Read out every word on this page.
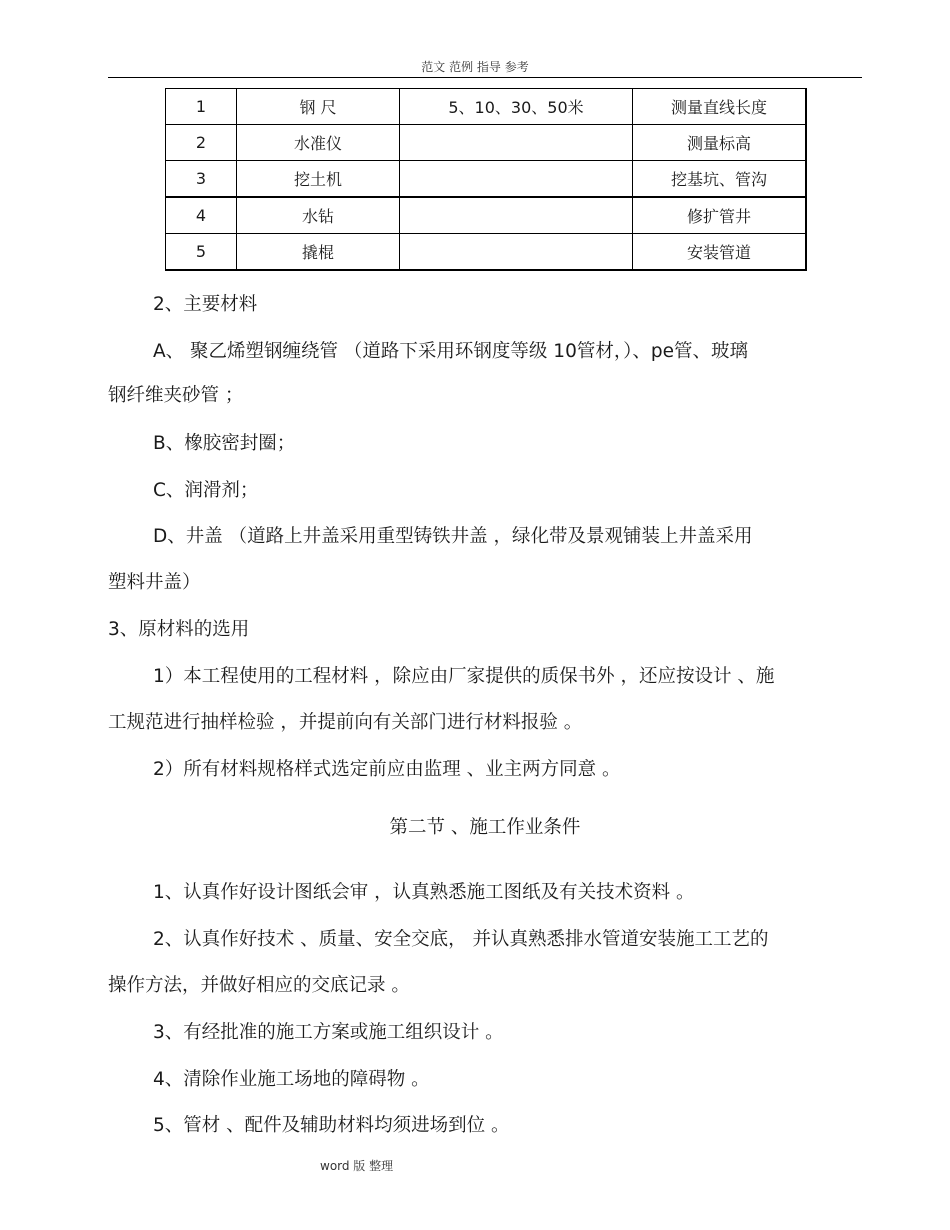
范文 范例 指导 参考
1	钢 尺	5、10、30、50米	测量直线长度
2	水准仪		测量标高
3	挖土机		挖基坑、管沟
4	水钻		修扩管井
5	撬棍		安装管道
2、主要材料
A、 聚乙烯塑钢缠绕管 （道路下采用环钢度等级 10管材，）、pe管、玻璃
钢纤维夹砂管 ；
B、橡胶密封圈；
C、润滑剂；
D、井盖 （道路上井盖采用重型铸铁井盖 ，绿化带及景观铺装上井盖采用
塑料井盖）
3、原材料的选用
1）本工程使用的工程材料 ，除应由厂家提供的质保书外 ，还应按设计 、施
工规范进行抽样检验 ，并提前向有关部门进行材料报验 。
2）所有材料规格样式选定前应由监理 、业主两方同意 。
第二节 、施工作业条件
1、认真作好设计图纸会审 ，认真熟悉施工图纸及有关技术资料 。
2、认真作好技术 、质量、安全交底， 并认真熟悉排水管道安装施工工艺的
操作方法，并做好相应的交底记录 。
3、有经批准的施工方案或施工组织设计 。
4、清除作业施工场地的障碍物 。
5、管材 、配件及辅助材料均须进场到位 。
word 版 整理
